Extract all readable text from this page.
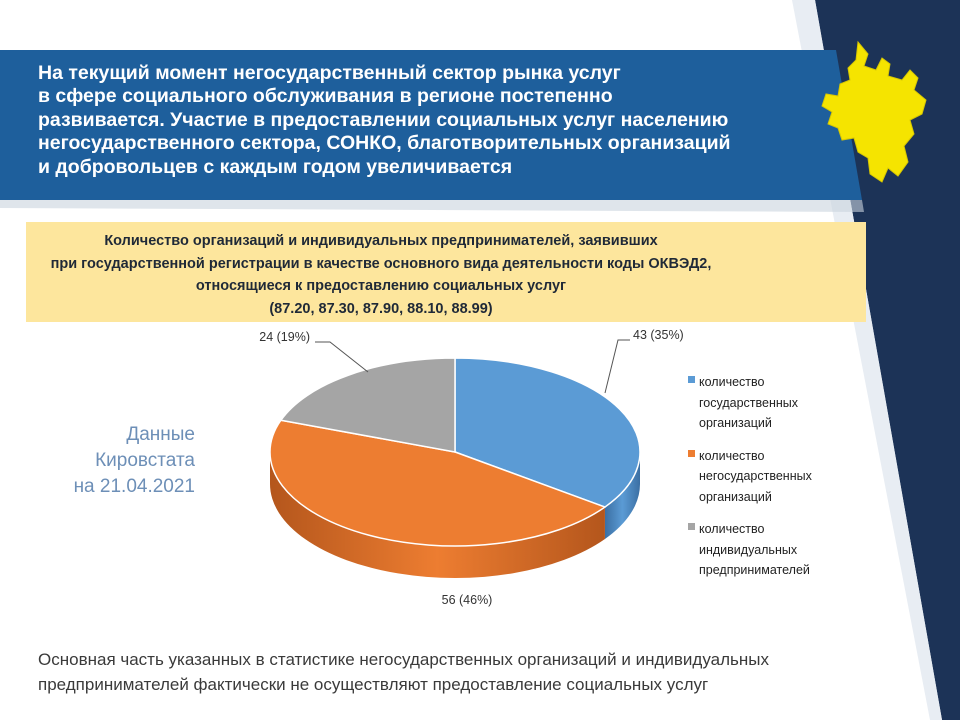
На текущий момент негосударственный сектор рынка услуг
в сфере социального обслуживания в регионе постепенно
развивается. Участие в предоставлении социальных услуг населению
негосударственного сектора, СОНКО, благотворительных организаций
и добровольцев с каждым годом увеличивается
Количество организаций и индивидуальных предпринимателей, заявивших
при государственной регистрации в качестве основного вида деятельности коды ОКВЭД2,
относящиеся к предоставлению социальных услуг
(87.20, 87.30, 87.90, 88.10, 88.99)
Данные
Кировстата
на 21.04.2021
43 (35%)
56 (46%)
24 (19%)
количество
государственных
организаций
количество
негосударственных
организаций
количество
индивидуальных
предпринимателей
Основная часть указанных в статистике негосударственных организаций и индивидуальных
предпринимателей фактически не осуществляют предоставление социальных услуг
